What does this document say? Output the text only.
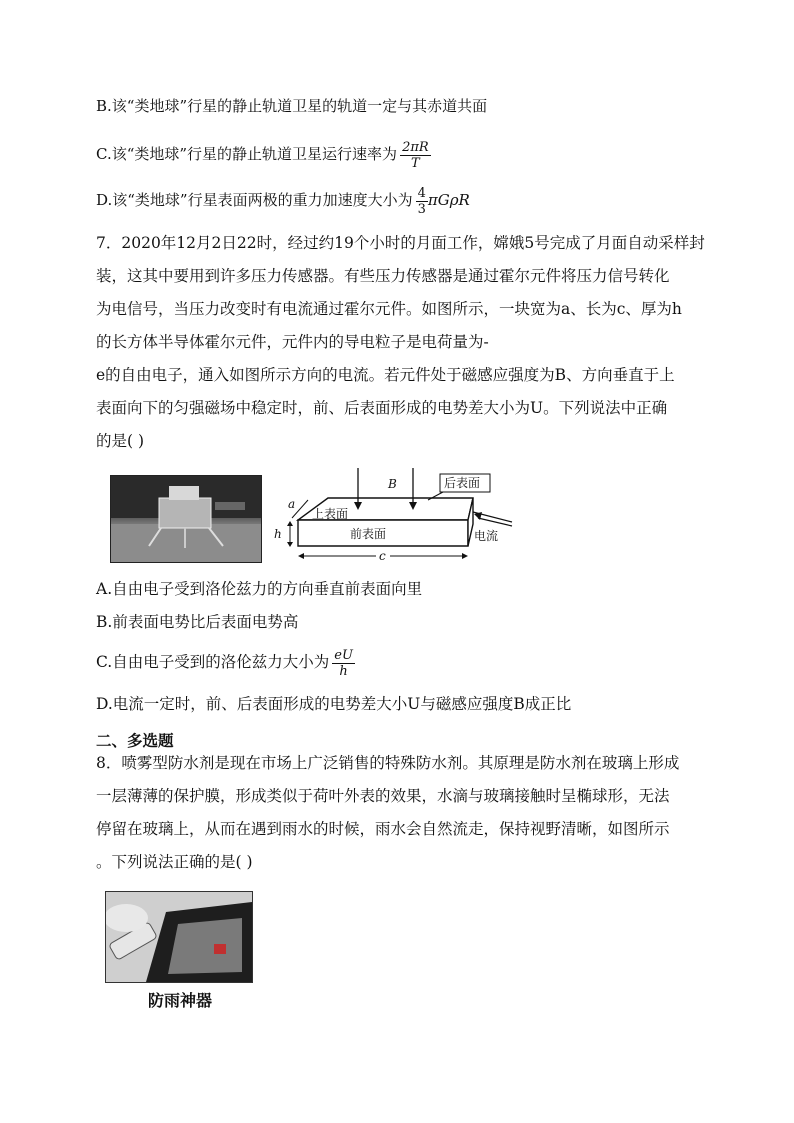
B.该“类地球”行星的静止轨道卫星的轨道一定与其赤道共面
C.该“类地球”行星的静止轨道卫星运行速率为 $\frac{2\pi R}{T}$
D.该“类地球”行星表面两极的重力加速度大小为 $\frac{4}{3}$ πGρR
7．2020年12月2日22时，经过约19个小时的月面工作，嫦娥5号完成了月面自动采样封
装，这其中要用到许多压力传感器。有些压力传感器是通过霍尔元件将压力信号转化
为电信号，当压力改变时有电流通过霍尔元件。如图所示，一块宽为a、长为c、厚为h
的长方体半导体霍尔元件，元件内的导电粒子是电荷量为-
e的自由电子，通入如图所示方向的电流。若元件处于磁感应强度为B、方向垂直于上
表面向下的匀强磁场中稳定时，前、后表面形成的电势差大小为U。下列说法中正确
的是( )
B	后表面
上表面
前表面	电流
a
h
c
A.自由电子受到洛伦兹力的方向垂直前表面向里
B.前表面电势比后表面电势高
C.自由电子受到的洛伦兹力大小为 $\frac{eU}{h}$
D.电流一定时，前、后表面形成的电势差大小U与磁感应强度B成正比
二、多选题
8．喷雾型防水剂是现在市场上广泛销售的特殊防水剂。其原理是防水剂在玻璃上形成
一层薄薄的保护膜，形成类似于荷叶外表的效果，水滴与玻璃接触时呈椭球形，无法
停留在玻璃上，从而在遇到雨水的时候，雨水会自然流走，保持视野清晰，如图所示
。下列说法正确的是( )
防雨神器
